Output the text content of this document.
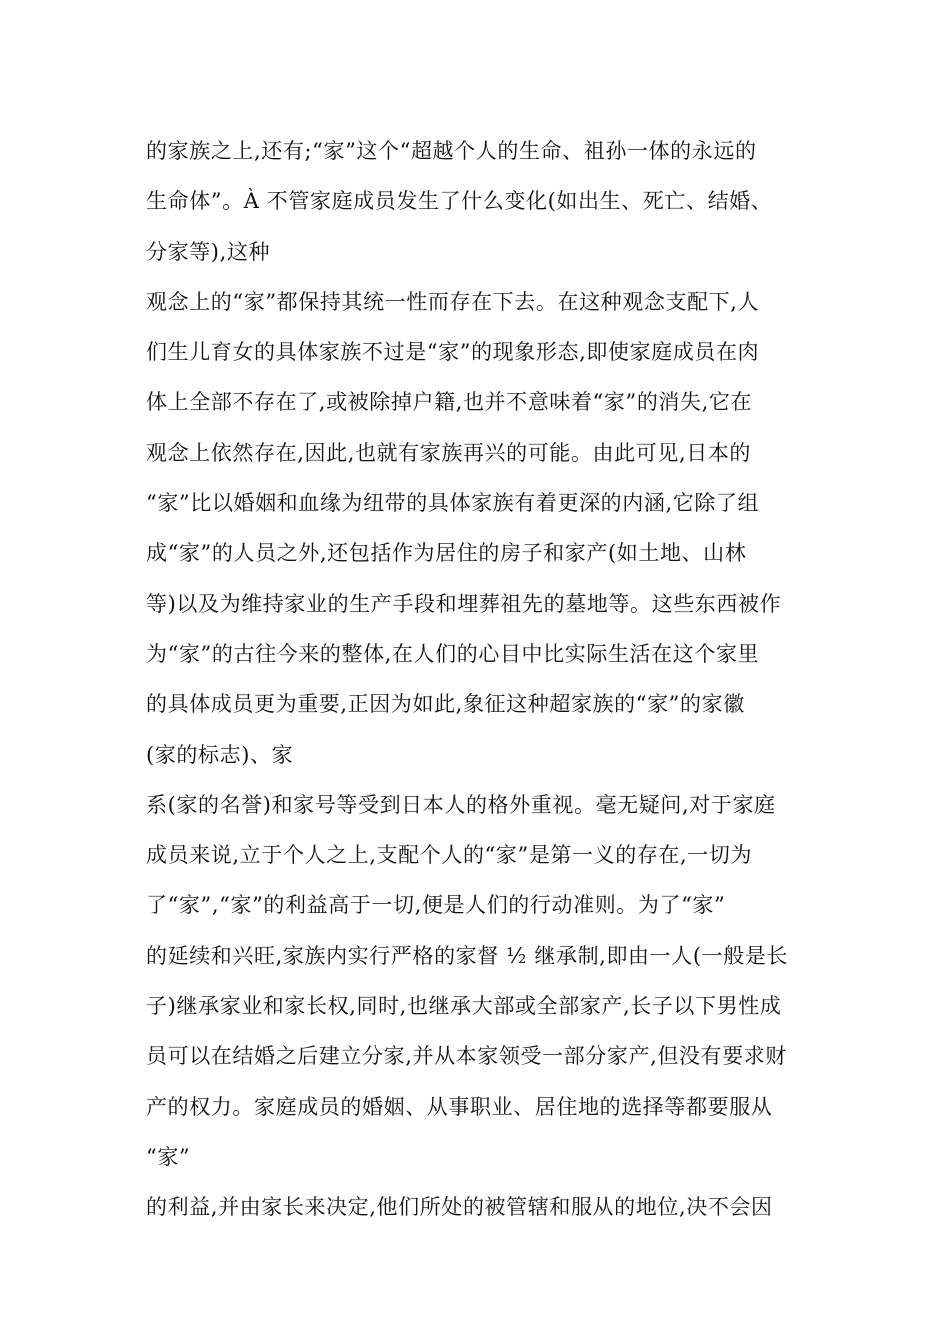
的家族之上,还有;“家”这个“超越个人的生命、祖孙一体的永远的
生命体”。À 不管家庭成员发生了什么变化(如出生、死亡、结婚、
分家等),这种
观念上的“家”都保持其统一性而存在下去。在这种观念支配下,人
们生儿育女的具体家族不过是“家”的现象形态,即使家庭成员在肉
体上全部不存在了,或被除掉户籍,也并不意味着“家”的消失,它在
观念上依然存在,因此,也就有家族再兴的可能。由此可见,日本的
“家”比以婚姻和血缘为纽带的具体家族有着更深的内涵,它除了组
成“家”的人员之外,还包括作为居住的房子和家产(如土地、山林
等)以及为维持家业的生产手段和埋葬祖先的墓地等。这些东西被作
为“家”的古往今来的整体,在人们的心目中比实际生活在这个家里
的具体成员更为重要,正因为如此,象征这种超家族的“家”的家徽
(家的标志)、家
系(家的名誉)和家号等受到日本人的格外重视。毫无疑问,对于家庭
成员来说,立于个人之上,支配个人的“家”是第一义的存在,一切为
了“家”,“家”的利益高于一切,便是人们的行动准则。为了“家”
的延续和兴旺,家族内实行严格的家督 ½ 继承制,即由一人(一般是长
子)继承家业和家长权,同时,也继承大部或全部家产,长子以下男性成
员可以在结婚之后建立分家,并从本家领受一部分家产,但没有要求财
产的权力。家庭成员的婚姻、从事职业、居住地的选择等都要服从
“家”
的利益,并由家长来决定,他们所处的被管辖和服从的地位,决不会因
